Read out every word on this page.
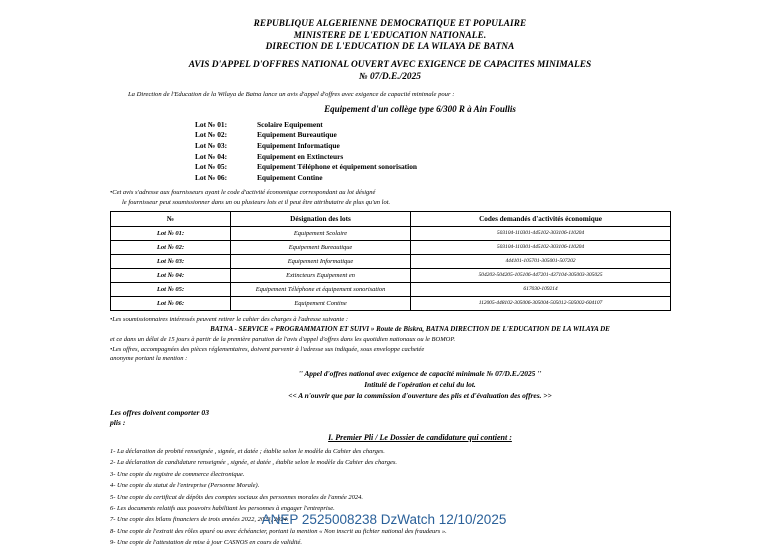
REPUBLIQUE ALGERIENNE DEMOCRATIQUE ET POPULAIRE
MINISTERE DE L'EDUCATION NATIONALE.
DIRECTION DE L'EDUCATION DE LA WILAYA DE BATNA
AVIS D'APPEL D'OFFRES NATIONAL OUVERT AVEC EXIGENCE DE CAPACITES MINIMALES
№ 07/D.E./2025
La Direction de l'Education de la Wilaya de Batna lance un avis d'appel d'offres avec exigence de capacité minimale pour :
Equipement d'un collège type 6/300 R à Ain Foullis
Lot № 01:	Scolaire Equipement
Lot № 02:	Equipement Bureautique
Lot № 03:	Equipement Informatique
Lot № 04:	Equipement en Extincteurs
Lot № 05:	Equipement Téléphone et équipement sonorisation
Lot № 06:	Equipement Contine
•Cet avis s'adresse aux fournisseurs ayant le code d'activité économique correspondant au lot désigné
le fournisseur peut soumissionner dans un ou plusieurs lots et il peut être attributaire de plus qu'un lot.
№	Désignation des lots	Codes demandés d'activités économique
Lot № 01:	Equipement Scolaire	503104-110301-445102-303106-110204
Lot № 02:	Equipement Bureautique	503104-110301-445102-303106-110204
Lot № 03:	Equipement Informatique	444101-105701-305001-507202
Lot № 04:	Extincteurs Equipement en	504203-504205-105106-447201-437104-305003-305025
Lot № 05:	Equipement Téléphone et équipement sonorisation	617030-109214
Lot № 06:	Equipement Contine	112005-448102-305006-305004-505012-505002-604107
•Les soumissionnaires intéressés peuvent retirer le cahier des charges à l'adresse suivante :
BATNA - SERVICE « PROGRAMMATION ET SUIVI » Route de Biskra, BATNA DIRECTION DE L'EDUCATION DE LA WILAYA DE
et ce dans un délai de 15 jours à partir de la première parution de l'avis d'appel d'offres dans les quotidien nationaux ou le BOMOP.
•Les offres, accompagnées des pièces réglementaires, doivent parvenir à l'adresse sus indiquée, sous enveloppe cachetée
anonyme portant la mention :
'' Appel d'offres national avec exigence de capacité minimale № 07/D.E./2025 ''
Intitulé de l'opération et celui du lot.
<< A n'ouvrir que par la commission d'ouverture des plis et d'évaluation des offres. >>
Les offres doivent comporter 03
plis :
I. Premier Pli / Le Dossier de candidature qui contient :
1- La déclaration de probité renseignée , signée, et datée ; établie selon le modèle du Cahier des charges.
2- La déclaration de candidature renseignée , signée, et datée , établie selon le modèle du Cahier des charges.
3- Une copie du registre de commerce électronique.
4- Une copie du statut de l'entreprise (Personne Morale).
5- Une copie du certificat de dépôts des comptes sociaux des personnes morales de l'année 2024.
6- Les documents relatifs aux pouvoirs habilitant les personnes à engager l'entreprise.
7- Une copie des bilans financiers de trois années 2022, 2023, 2024.
8- Une copie de l'extrait des rôles apuré ou avec échéancier, portant la mention « Non inscrit au fichier national des fraudeurs ».
9- Une copie de l'attestation de mise à jour CASNOS en cours de validité.
ANEP 2525008238 DzWatch 12/10/2025
